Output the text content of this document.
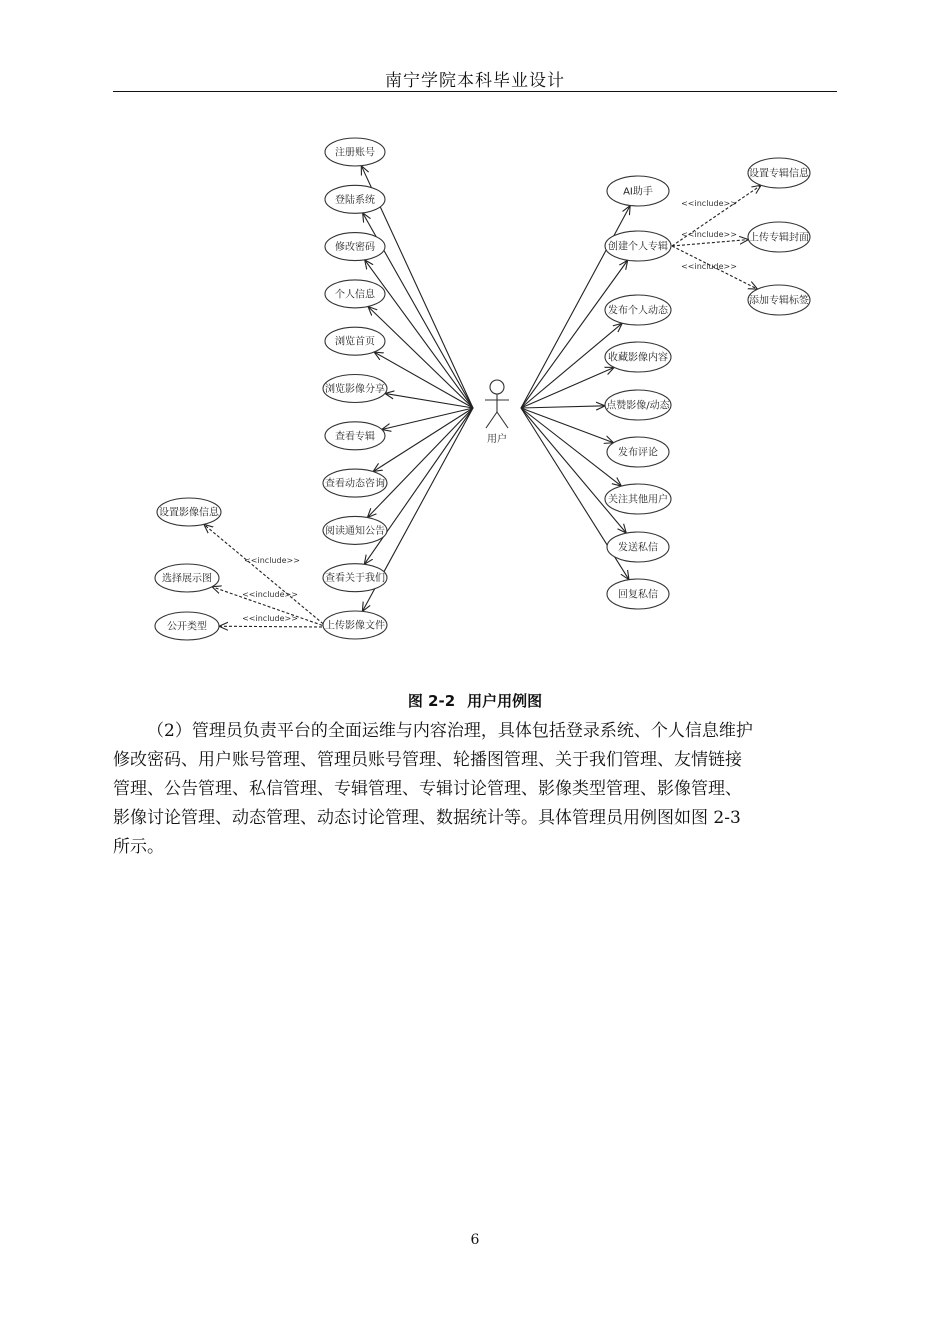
南宁学院本科毕业设计
<<include>>
<<include>>
<<include>>
<<include>>
<<include>>
<<include>>
注册账号
登陆系统
修改密码
个人信息
浏览首页
浏览影像分享
查看专辑
查看动态咨询
阅读通知公告
查看关于我们
上传影像文件
设置影像信息
选择展示图
公开类型
AI助手
创建个人专辑
发布个人动态
收藏影像内容
点赞影像/动态
发布评论
关注其他用户
发送私信
回复私信
设置专辑信息
上传专辑封面
添加专辑标签
用户
图 2-2 用户用例图
（2）管理员负责平台的全面运维与内容治理，具体包括登录系统、个人信息维护
修改密码、用户账号管理、管理员账号管理、轮播图管理、关于我们管理、友情链接
管理、公告管理、私信管理、专辑管理、专辑讨论管理、影像类型管理、影像管理、
影像讨论管理、动态管理、动态讨论管理、数据统计等。具体管理员用例图如图 2-3
所示。
6
